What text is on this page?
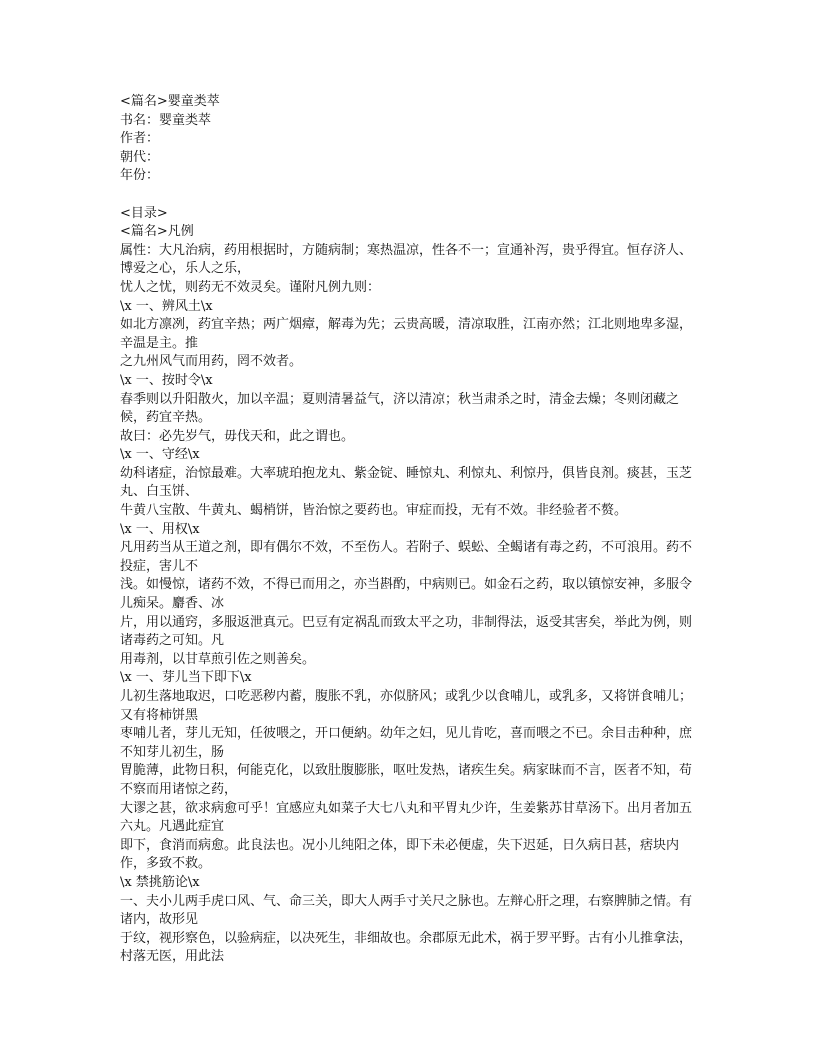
<篇名>婴童类萃
书名：婴童类萃
作者：
朝代：
年份：
<目录>
<篇名>凡例
属性：大凡治病，药用根据时，方随病制；寒热温凉，性各不一；宣通补泻，贵乎得宜。恒存济人、博爱之心，乐人之乐，
忧人之忧，则药无不效灵矣。谨附凡例九则：
\x 一、辨风土\x
如北方凛冽，药宜辛热；两广烟瘴，解毒为先；云贵高暖，清凉取胜，江南亦然；江北则地卑多湿，辛温是主。推
之九州风气而用药，罔不效者。
\x 一、按时令\x
春季则以升阳散火，加以辛温；夏则清暑益气，济以清凉；秋当肃杀之时，清金去燥；冬则闭藏之候，药宜辛热。
故曰：必先岁气，毋伐天和，此之谓也。
\x 一、守经\x
幼科诸症，治惊最难。大率琥珀抱龙丸、紫金锭、睡惊丸、利惊丸、利惊丹，俱皆良剂。痰甚，玉芝丸、白玉饼、
牛黄八宝散、牛黄丸、蝎梢饼，皆治惊之要药也。审症而投，无有不效。非经验者不赘。
\x 一、用权\x
凡用药当从王道之剂，即有偶尔不效，不至伤人。若附子、蜈蚣、全蝎诸有毒之药，不可浪用。药不投症，害儿不
浅。如慢惊，诸药不效，不得已而用之，亦当斟酌，中病则已。如金石之药，取以镇惊安神，多服令儿痴呆。麝香、冰
片，用以通窍，多服返泄真元。巴豆有定祸乱而致太平之功，非制得法，返受其害矣，举此为例，则诸毒药之可知。凡
用毒剂，以甘草煎引佐之则善矣。
\x 一、芽儿当下即下\x
儿初生落地取迟，口吃恶秽内蓄，腹胀不乳，亦似脐风；或乳少以食哺儿，或乳多，又将饼食哺儿；又有将柿饼黑
枣哺儿者，芽儿无知，任彼喂之，开口便納。幼年之妇，见儿肯吃，喜而喂之不已。余目击种种，庶不知芽儿初生，肠
胃脆薄，此物日积，何能克化，以致肚腹膨胀，呕吐发热，诸疾生矣。病家昧而不言，医者不知，苟不察而用诸惊之药，
大谬之甚，欲求病愈可乎！宜感应丸如菜子大七八丸和平胃丸少许，生姜紫苏甘草汤下。出月者加五六丸。凡遇此症宜
即下，食消而病愈。此良法也。况小儿纯阳之体，即下未必便虚，失下迟延，日久病日甚，痞块内作，多致不救。
\x 禁挑筋论\x
一、夫小儿两手虎口风、气、命三关，即大人两手寸关尺之脉也。左辩心肝之理，右察脾肺之情。有诸内，故形见
于纹，视形察色，以验病症，以决死生，非细故也。余郡原无此术，祸于罗平野。古有小儿推拿法，村落无医，用此法
